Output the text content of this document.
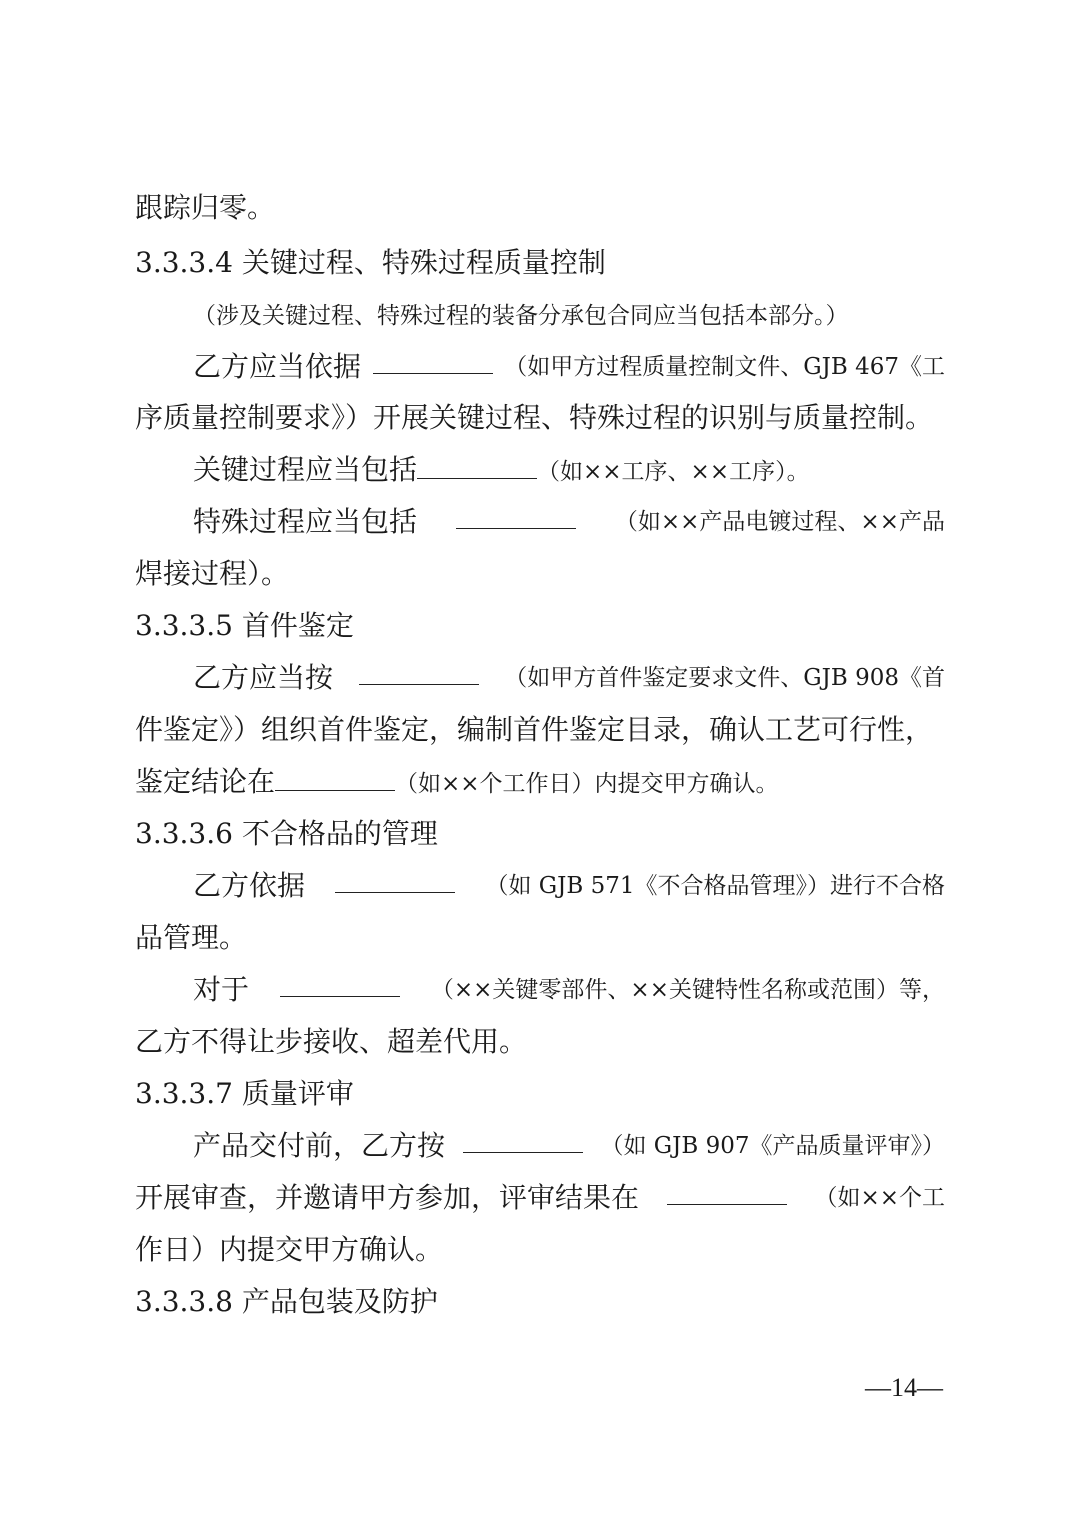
跟踪归零。
3.3.3.4 关键过程、特殊过程质量控制
（涉及关键过程、特殊过程的装备分承包合同应当包括本部分。）
乙方应当依据	（如甲方过程质量控制文件、GJB 467《工
序质量控制要求》）开展关键过程、特殊过程的识别与质量控制。
关键过程应当包括	（如××工序、××工序）。
特殊过程应当包括	（如××产品电镀过程、××产品
焊接过程）。
3.3.3.5 首件鉴定
乙方应当按	（如甲方首件鉴定要求文件、GJB 908《首
件鉴定》）组织首件鉴定，编制首件鉴定目录，确认工艺可行性，
鉴定结论在	（如××个工作日）内提交甲方确认。
3.3.3.6 不合格品的管理
乙方依据	（如 GJB 571《不合格品管理》）进行不合格
品管理。
对于	（××关键零部件、××关键特性名称或范围）等，
乙方不得让步接收、超差代用。
3.3.3.7 质量评审
产品交付前，乙方按	（如 GJB 907《产品质量评审》）
开展审查，并邀请甲方参加，评审结果在	（如××个工
作日）内提交甲方确认。
3.3.3.8 产品包装及防护
—14—
